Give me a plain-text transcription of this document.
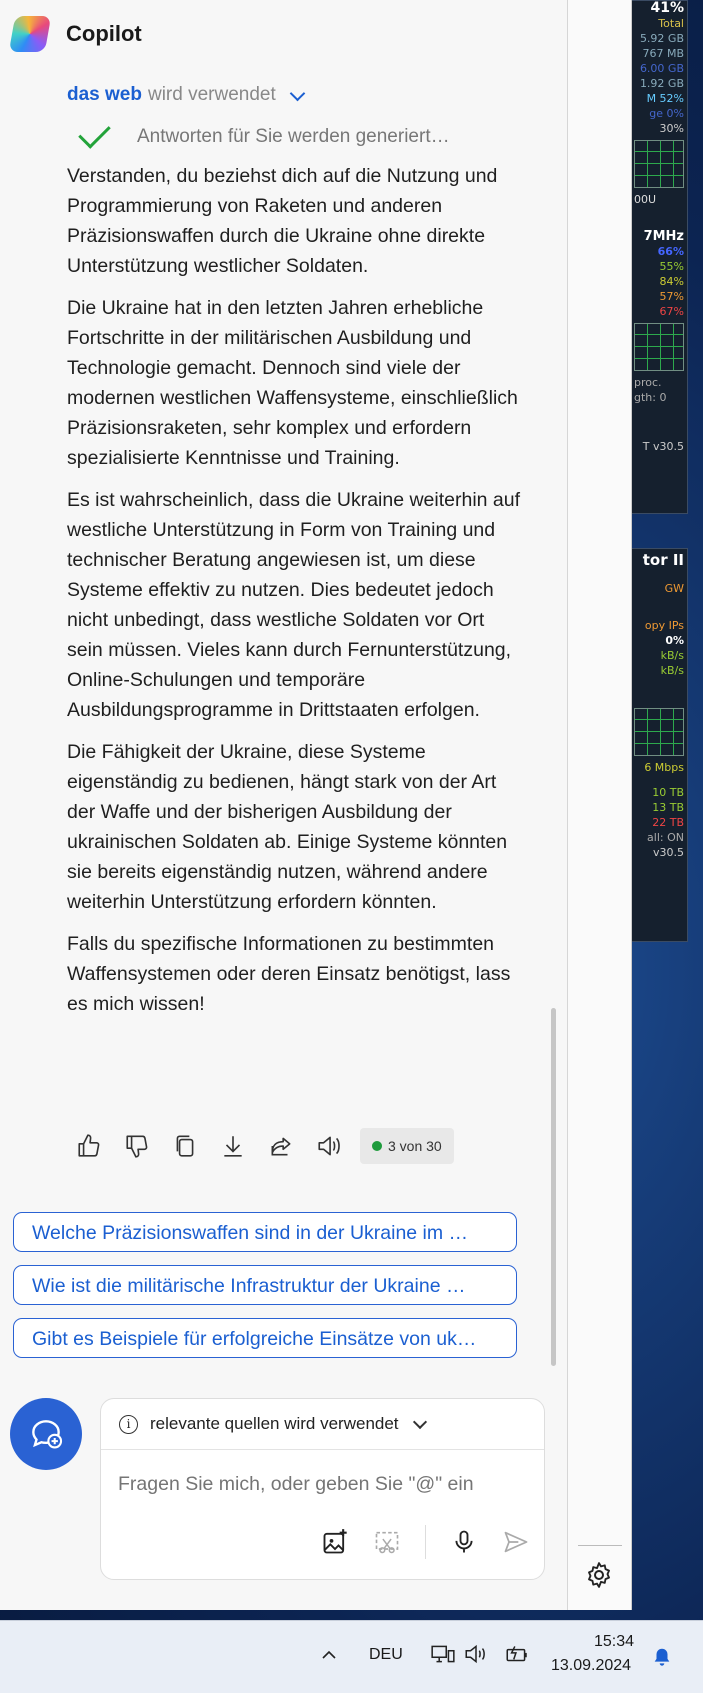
41%
Total
5.92 GB
767 MB
6.00 GB
1.92 GB
M 52%
ge 0%
30%
00U
7MHz
66%
55%
84%
57%
67%
proc.
gth: 0
T v30.5
tor II
GW
opy IPs
0%
kB/s
kB/s
6 Mbps
10 TB
13 TB
22 TB
all: ON
v30.5
Copilot
das web wird verwendet
Antworten für Sie werden generiert…

Verstanden, du beziehst dich auf die Nutzung und Programmierung von Raketen und anderen Präzisionswaffen durch die Ukraine ohne direkte Unterstützung westlicher Soldaten.

Die Ukraine hat in den letzten Jahren erhebliche Fortschritte in der militärischen Ausbildung und Technologie gemacht. Dennoch sind viele der modernen westlichen Waffensysteme, einschließlich Präzisionsraketen, sehr komplex und erfordern spezialisierte Kenntnisse und Training.

Es ist wahrscheinlich, dass die Ukraine weiterhin auf westliche Unterstützung in Form von Training und technischer Beratung angewiesen ist, um diese Systeme effektiv zu nutzen. Dies bedeutet jedoch nicht unbedingt, dass westliche Soldaten vor Ort sein müssen. Vieles kann durch Fernunterstützung, Online-Schulungen und temporäre Ausbildungsprogramme in Drittstaaten erfolgen.

Die Fähigkeit der Ukraine, diese Systeme eigenständig zu bedienen, hängt stark von der Art der Waffe und der bisherigen Ausbildung der ukrainischen Soldaten ab. Einige Systeme könnten sie bereits eigenständig nutzen, während andere weiterhin Unterstützung erfordern könnten.

Falls du spezifische Informationen zu bestimmten Waffensystemen oder deren Einsatz benötigst, lass es mich wissen!

3 von 30
Welche Präzisionswaffen sind in der Ukraine im …
Wie ist die militärische Infrastruktur der Ukraine …
Gibt es Beispiele für erfolgreiche Einsätze von uk…
i	relevante quellen wird verwendet
Fragen Sie mich, oder geben Sie "@" ein
DEU
15:34
13.09.2024
